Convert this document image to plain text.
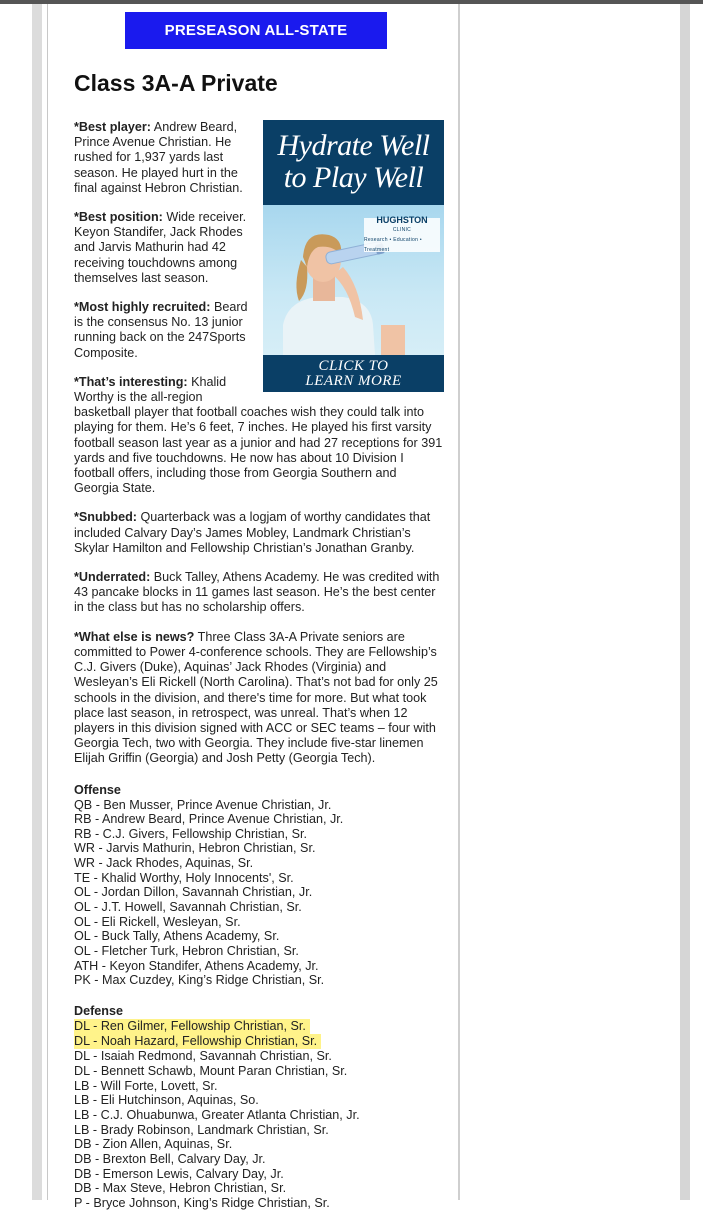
PRESEASON ALL-STATE
Class 3A-A Private
Hydrate Well
to Play Well
HUGHSTON
CLINIC
Research • Education • Treatment
CLICK TO
LEARN MORE

*Best player: Andrew Beard, Prince Avenue Christian. He rushed for 1,937 yards last season. He played hurt in the final against Hebron Christian.

*Best position: Wide receiver. Keyon Standifer, Jack Rhodes and Jarvis Mathurin had 42 receiving touchdowns among themselves last season.

*Most highly recruited: Beard is the consensus No. 13 junior running back on the 247Sports Composite.

*That’s interesting: Khalid Worthy is the all-region basketball player that football coaches wish they could talk into playing for them. He’s 6 feet, 7 inches. He played his first varsity football season last year as a junior and had 27 receptions for 391 yards and five touchdowns. He now has about 10 Division I football offers, including those from Georgia Southern and Georgia State.

*Snubbed: Quarterback was a logjam of worthy candidates that included Calvary Day’s James Mobley, Landmark Christian’s Skylar Hamilton and Fellowship Christian’s Jonathan Granby.

*Underrated: Buck Talley, Athens Academy. He was credited with 43 pancake blocks in 11 games last season. He’s the best center in the class but has no scholarship offers.

*What else is news? Three Class 3A-A Private seniors are committed to Power 4-conference schools. They are Fellowship’s C.J. Givers (Duke), Aquinas’ Jack Rhodes (Virginia) and Wesleyan’s Eli Rickell (North Carolina). That’s not bad for only 25 schools in the division, and there's time for more. But what took place last season, in retrospect, was unreal. That’s when 12 players in this division signed with ACC or SEC teams – four with Georgia Tech, two with Georgia. They include five-star linemen Elijah Griffin (Georgia) and Josh Petty (Georgia Tech).

Offense

QB - Ben Musser, Prince Avenue Christian, Jr.
RB - Andrew Beard, Prince Avenue Christian, Jr.
RB - C.J. Givers, Fellowship Christian, Sr.
WR - Jarvis Mathurin, Hebron Christian, Sr.
WR - Jack Rhodes, Aquinas, Sr.
TE - Khalid Worthy, Holy Innocents', Sr.
OL - Jordan Dillon, Savannah Christian, Jr.
OL - J.T. Howell, Savannah Christian, Sr.
OL - Eli Rickell, Wesleyan, Sr.
OL - Buck Tally, Athens Academy, Sr.
OL - Fletcher Turk, Hebron Christian, Sr.
ATH - Keyon Standifer, Athens Academy, Jr.
PK - Max Cuzdey, King’s Ridge Christian, Sr.

Defense

DL - Ren Gilmer, Fellowship Christian, Sr.
DL - Noah Hazard, Fellowship Christian, Sr.

DL - Isaiah Redmond, Savannah Christian, Sr.
DL - Bennett Schawb, Mount Paran Christian, Sr.
LB - Will Forte, Lovett, Sr.
LB - Eli Hutchinson, Aquinas, So.
LB - C.J. Ohuabunwa, Greater Atlanta Christian, Jr.
LB - Brady Robinson, Landmark Christian, Sr.
DB - Zion Allen, Aquinas, Sr.
DB - Brexton Bell, Calvary Day, Jr.
DB - Emerson Lewis, Calvary Day, Jr.
DB - Max Steve, Hebron Christian, Sr.
P - Bryce Johnson, King’s Ridge Christian, Sr.
